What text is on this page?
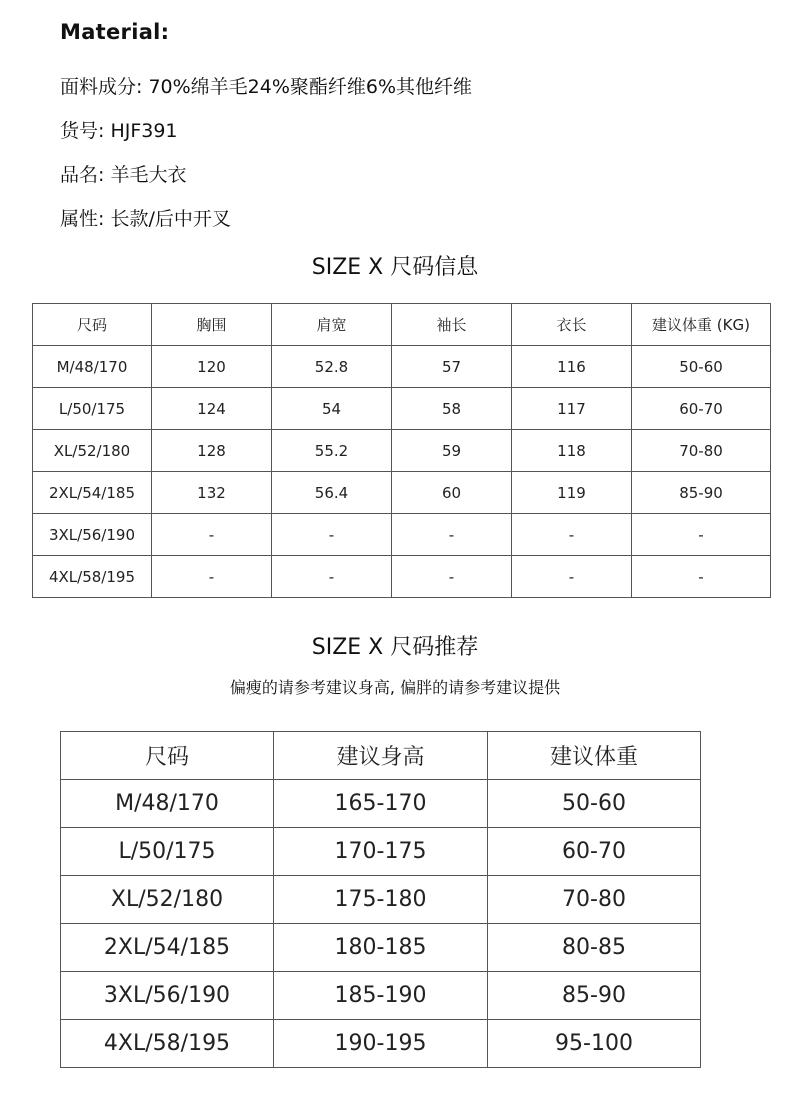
Material:
面料成分: 70%绵羊毛24%聚酯纤维6%其他纤维
货号: HJF391
品名: 羊毛大衣
属性: 长款/后中开叉
SIZE X 尺码信息
尺码	胸围	肩宽	袖长	衣长	建议体重 (KG)
M/48/170	120	52.8	57	116	50-60
L/50/175	124	54	58	117	60-70
XL/52/180	128	55.2	59	118	70-80
2XL/54/185	132	56.4	60	119	85-90
3XL/56/190	-	-	-	-	-
4XL/58/195	-	-	-	-	-
SIZE X 尺码推荐
偏瘦的请参考建议身高, 偏胖的请参考建议提供
尺码	建议身高	建议体重
M/48/170	165-170	50-60
L/50/175	170-175	60-70
XL/52/180	175-180	70-80
2XL/54/185	180-185	80-85
3XL/56/190	185-190	85-90
4XL/58/195	190-195	95-100
